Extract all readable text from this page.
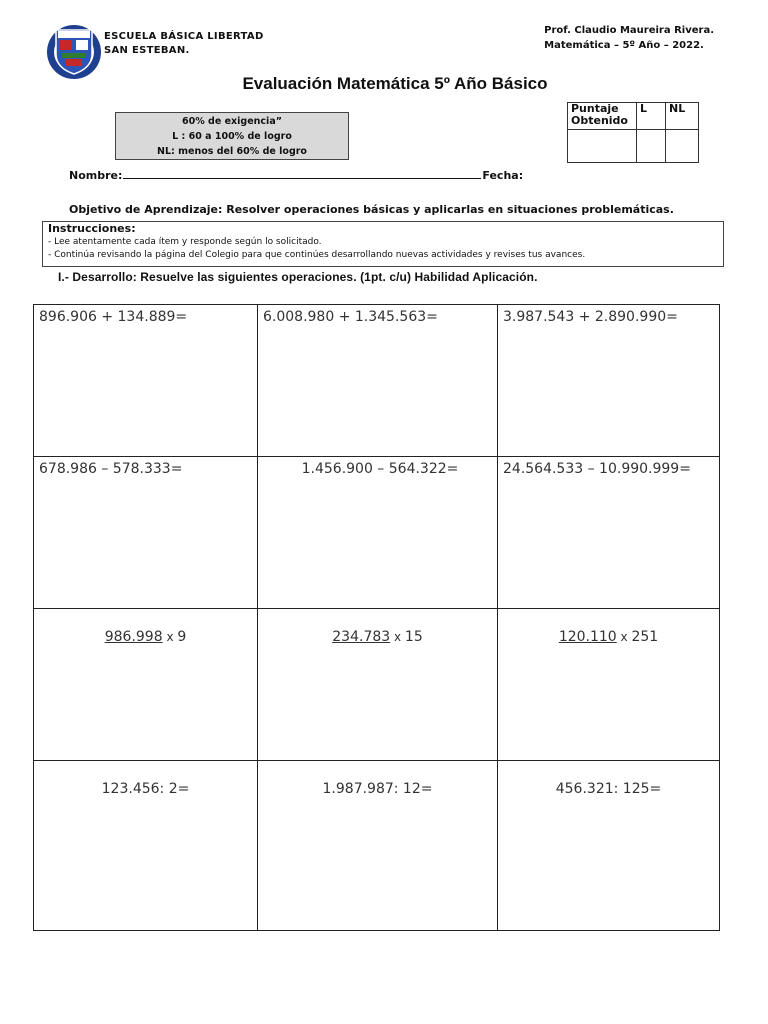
ESCUELA BÁSICA LIBERTAD
SAN ESTEBAN.
Prof. Claudio Maureira Rivera.
Matemática – 5º Año – 2022.
Evaluación Matemática 5º Año Básico
60% de exigencia”
L : 60 a 100% de logro
NL: menos del 60% de logro
Puntaje Obtenido	L	NL

Nombre:	Fecha:
Objetivo de Aprendizaje: Resolver operaciones básicas y aplicarlas en situaciones problemáticas.
Instrucciones:
- Lee atentamente cada ítem y responde según lo solicitado.
- Continúa revisando la página del Colegio para que continúes desarrollando nuevas actividades y revises tus avances.
I.- Desarrollo: Resuelve las siguientes operaciones. (1pt. c/u) Habilidad Aplicación.
896.906 + 134.889=	6.008.980 + 1.345.563=	3.987.543 + 2.890.990=
678.986 – 578.333=	1.456.900 – 564.322=	24.564.533 – 10.990.999=
986.998 x 9	234.783 x 15	120.110 x 251
123.456: 2=	1.987.987: 12=	456.321: 125=
